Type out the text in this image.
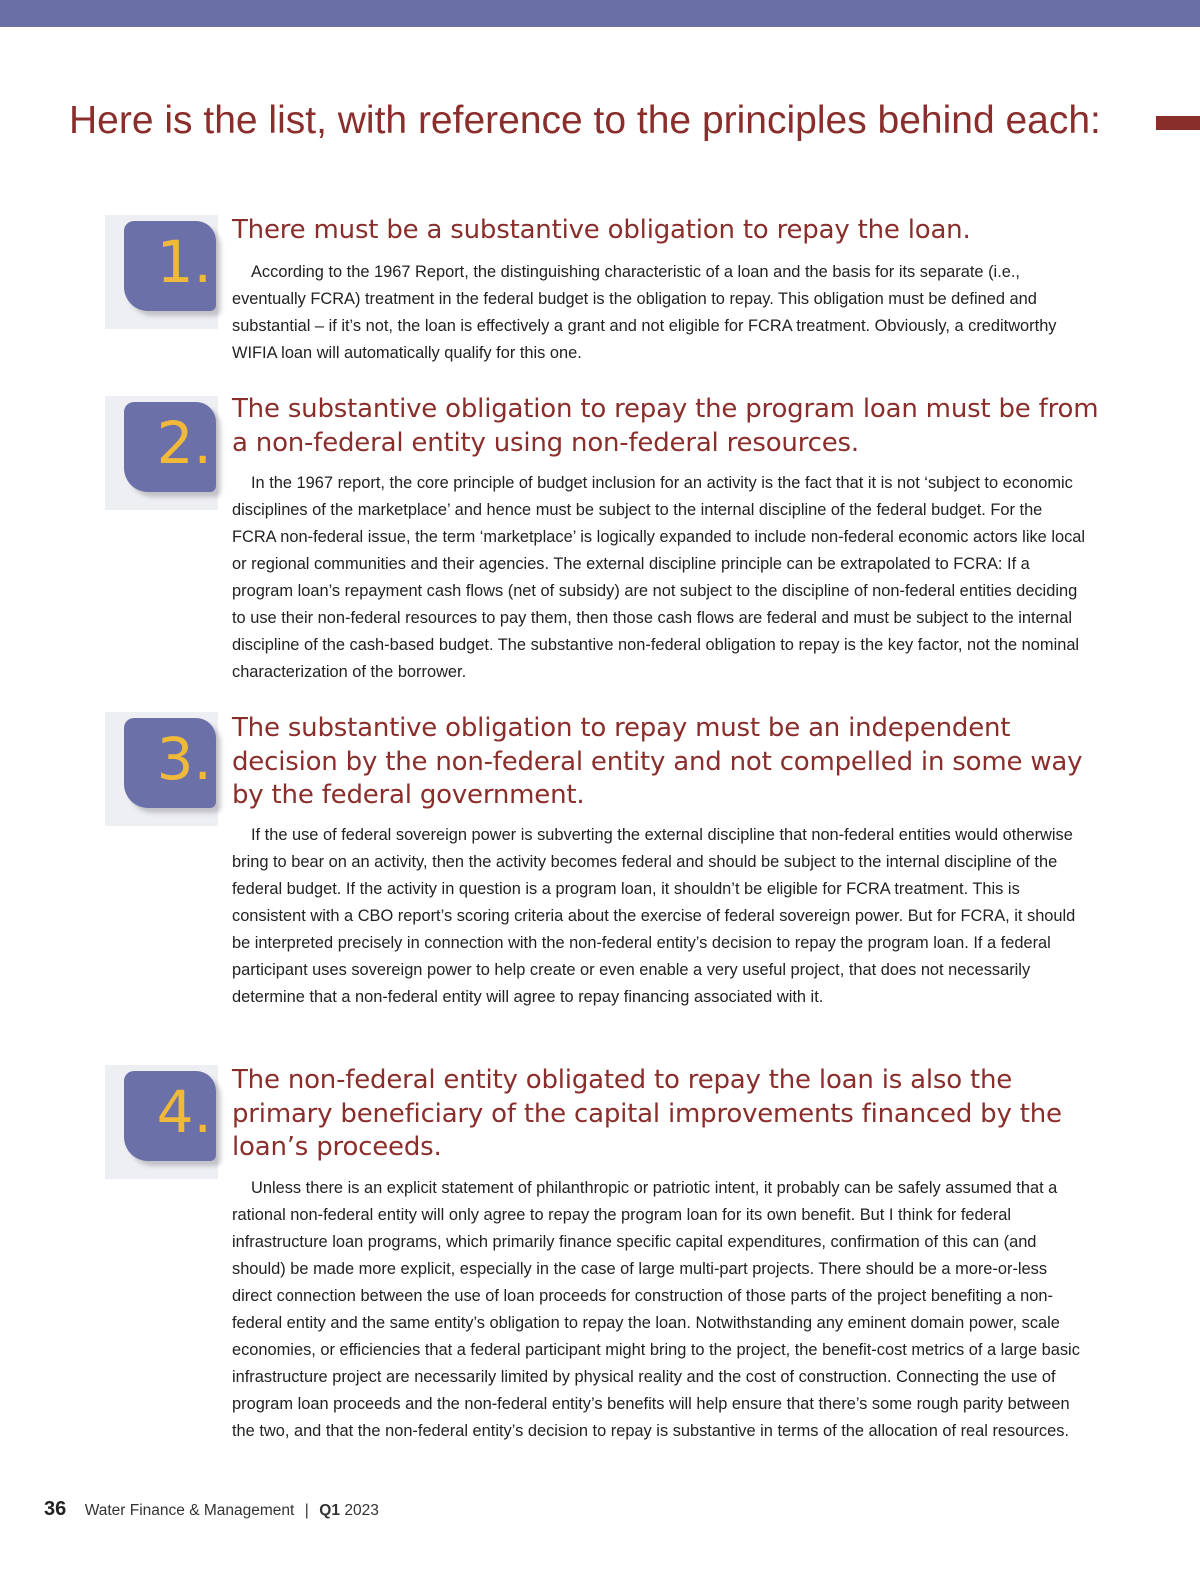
Here is the list, with reference to the principles behind each:
1. There must be a substantive obligation to repay the loan.

According to the 1967 Report, the distinguishing characteristic of a loan and the basis for its separate (i.e., eventually FCRA) treatment in the federal budget is the obligation to repay. This obligation must be defined and substantial – if it’s not, the loan is effectively a grant and not eligible for FCRA treatment. Obviously, a creditworthy WIFIA loan will automatically qualify for this one.

2. The substantive obligation to repay the program loan must be from a non-federal entity using non-federal resources.

In the 1967 report, the core principle of budget inclusion for an activity is the fact that it is not ‘subject to economic disciplines of the marketplace’ and hence must be subject to the internal discipline of the federal budget. For the FCRA non-federal issue, the term ‘marketplace’ is logically expanded to include non-federal economic actors like local or regional communities and their agencies. The external discipline principle can be extrapolated to FCRA: If a program loan’s repayment cash flows (net of subsidy) are not subject to the discipline of non-federal entities deciding to use their non-federal resources to pay them, then those cash flows are federal and must be subject to the internal discipline of the cash-based budget. The substantive non-federal obligation to repay is the key factor, not the nominal characterization of the borrower.

3. The substantive obligation to repay must be an independent decision by the non-federal entity and not compelled in some way by the federal government.

If the use of federal sovereign power is subverting the external discipline that non-federal entities would otherwise bring to bear on an activity, then the activity becomes federal and should be subject to the internal discipline of the federal budget. If the activity in question is a program loan, it shouldn’t be eligible for FCRA treatment. This is consistent with a CBO report’s scoring criteria about the exercise of federal sovereign power. But for FCRA, it should be interpreted precisely in connection with the non-federal entity’s decision to repay the program loan. If a federal participant uses sovereign power to help create or even enable a very useful project, that does not necessarily determine that a non-federal entity will agree to repay financing associated with it.

4. The non-federal entity obligated to repay the loan is also the primary beneficiary of the capital improvements financed by the loan’s proceeds.

Unless there is an explicit statement of philanthropic or patriotic intent, it probably can be safely assumed that a rational non-federal entity will only agree to repay the program loan for its own benefit. But I think for federal infrastructure loan programs, which primarily finance specific capital expenditures, confirmation of this can (and should) be made more explicit, especially in the case of large multi-part projects. There should be a more-or-less direct connection between the use of loan proceeds for construction of those parts of the project benefiting a non-federal entity and the same entity’s obligation to repay the loan. Notwithstanding any eminent domain power, scale economies, or efficiencies that a federal participant might bring to the project, the benefit-cost metrics of a large basic infrastructure project are necessarily limited by physical reality and the cost of construction. Connecting the use of program loan proceeds and the non-federal entity’s benefits will help ensure that there’s some rough parity between the two, and that the non-federal entity’s decision to repay is substantive in terms of the allocation of real resources.

36 Water Finance & Management | Q1 2023
